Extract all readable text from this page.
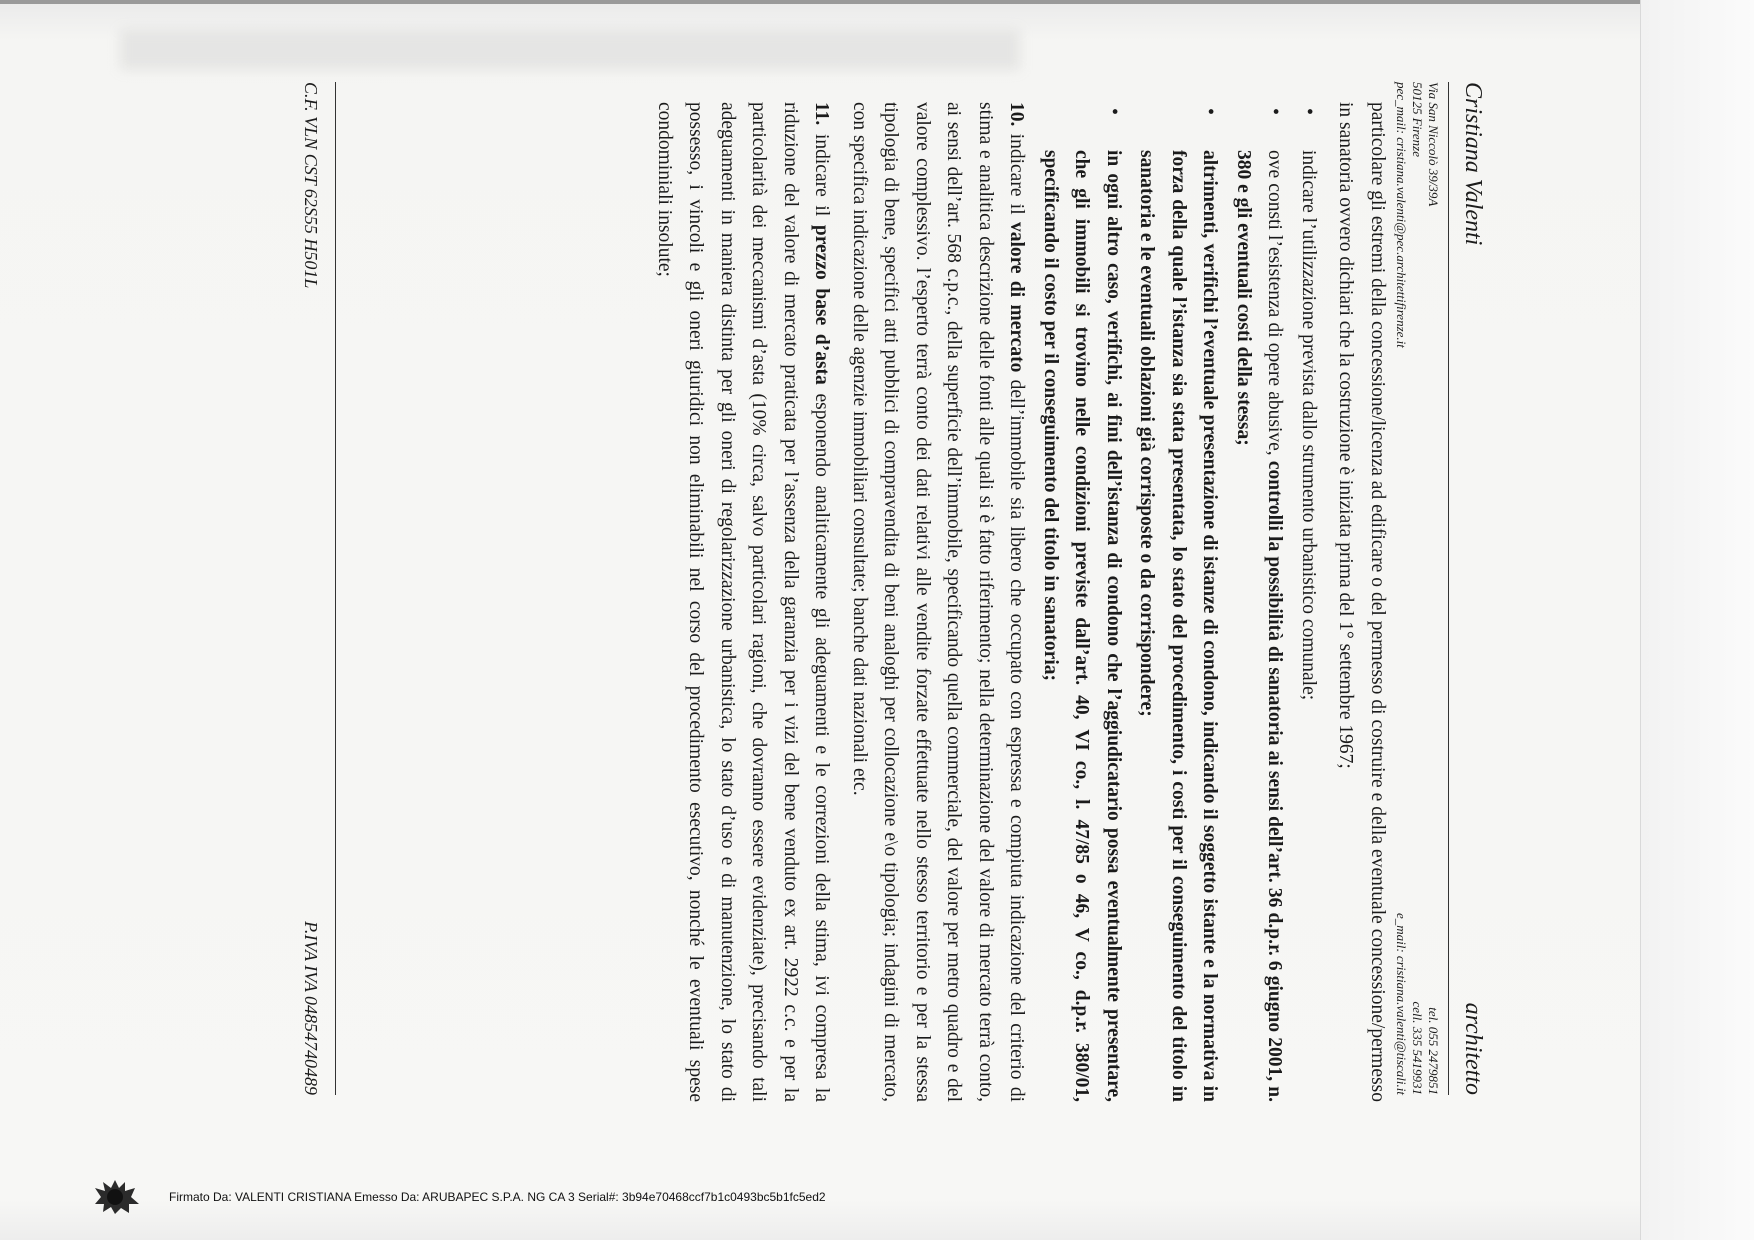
Cristiana Valenti
architetto
Via San Niccolò 39/39A
50125 Firenze
pec_mail: cristiana.valenti@pec.architettifirenze.it
tel. 055 2479851
cell. 335 5419931
e_mail: cristiana.valenti@tiscali.it

particolare gli estremi della concessione/licenza ad edificare o del permesso di costruire e della eventuale concessione/permesso in sanatoria ovvero dichiari che la costruzione è iniziata prima del 1° settembre 1967;

•
indicare l’utilizzazione prevista dallo strumento urbanistico comunale;
•
ove consti l’esistenza di opere abusive, controlli la possibilità di sanatoria ai sensi dell’art. 36 d.p.r. 6 giugno 2001, n. 380 e gli eventuali costi della stessa;
•
altrimenti, verifichi l’eventuale presentazione di istanze di condono, indicando il soggetto istante e la normativa in forza della quale l’istanza sia stata presentata, lo stato del procedimento, i costi per il conseguimento del titolo in sanatoria e le eventuali oblazioni già corrisposte o da corrispondere;
•
in ogni altro caso, verifichi, ai fini dell’istanza di condono che l’aggiudicatario possa eventualmente presentare, che gli immobili si trovino nelle condizioni previste dall’art. 40, VI co., l. 47/85 o 46, V co., d.p.r. 380/01, specificando il costo per il conseguimento del titolo in sanatoria;

10. indicare il valore di mercato dell’immobile sia libero che occupato con espressa e compiuta indicazione del criterio di stima e analitica descrizione delle fonti alle quali si è fatto riferimento; nella determinazione del valore di mercato terrà conto, ai sensi dell’art. 568 c.p.c., della superficie dell’immobile, specificando quella commerciale, del valore per metro quadro e del valore complessivo. l’esperto terrà conto dei dati relativi alle vendite forzate effettuate nello stesso territorio e per la stessa tipologia di bene, specifici atti pubblici di compravendita di beni analoghi per collocazione e\o tipologia; indagini di mercato, con specifica indicazione delle agenzie immobiliari consultate; banche dati nazionali etc.

11. indicare il prezzo base d’asta esponendo analiticamente gli adeguamenti e le correzioni della stima, ivi compresa la riduzione del valore di mercato praticata per l’assenza della garanzia per i vizi del bene venduto ex art. 2922 c.c. e per la particolarità dei meccanismi d’asta (10% circa, salvo particolari ragioni, che dovranno essere evidenziate), precisando tali adeguamenti in maniera distinta per gli oneri di regolarizzazione urbanistica, lo stato d’uso e di manutenzione, lo stato di possesso, i vincoli e gli oneri giuridici non eliminabili nel corso del procedimento esecutivo, nonché le eventuali spese condominiali insolute;

C.F. VLN CST 62S55 H501L
P.IVA IVA 04854740489
Firmato Da: VALENTI CRISTIANA Emesso Da: ARUBAPEC S.P.A. NG CA 3 Serial#: 3b94e70468ccf7b1c0493bc5b1fc5ed2
